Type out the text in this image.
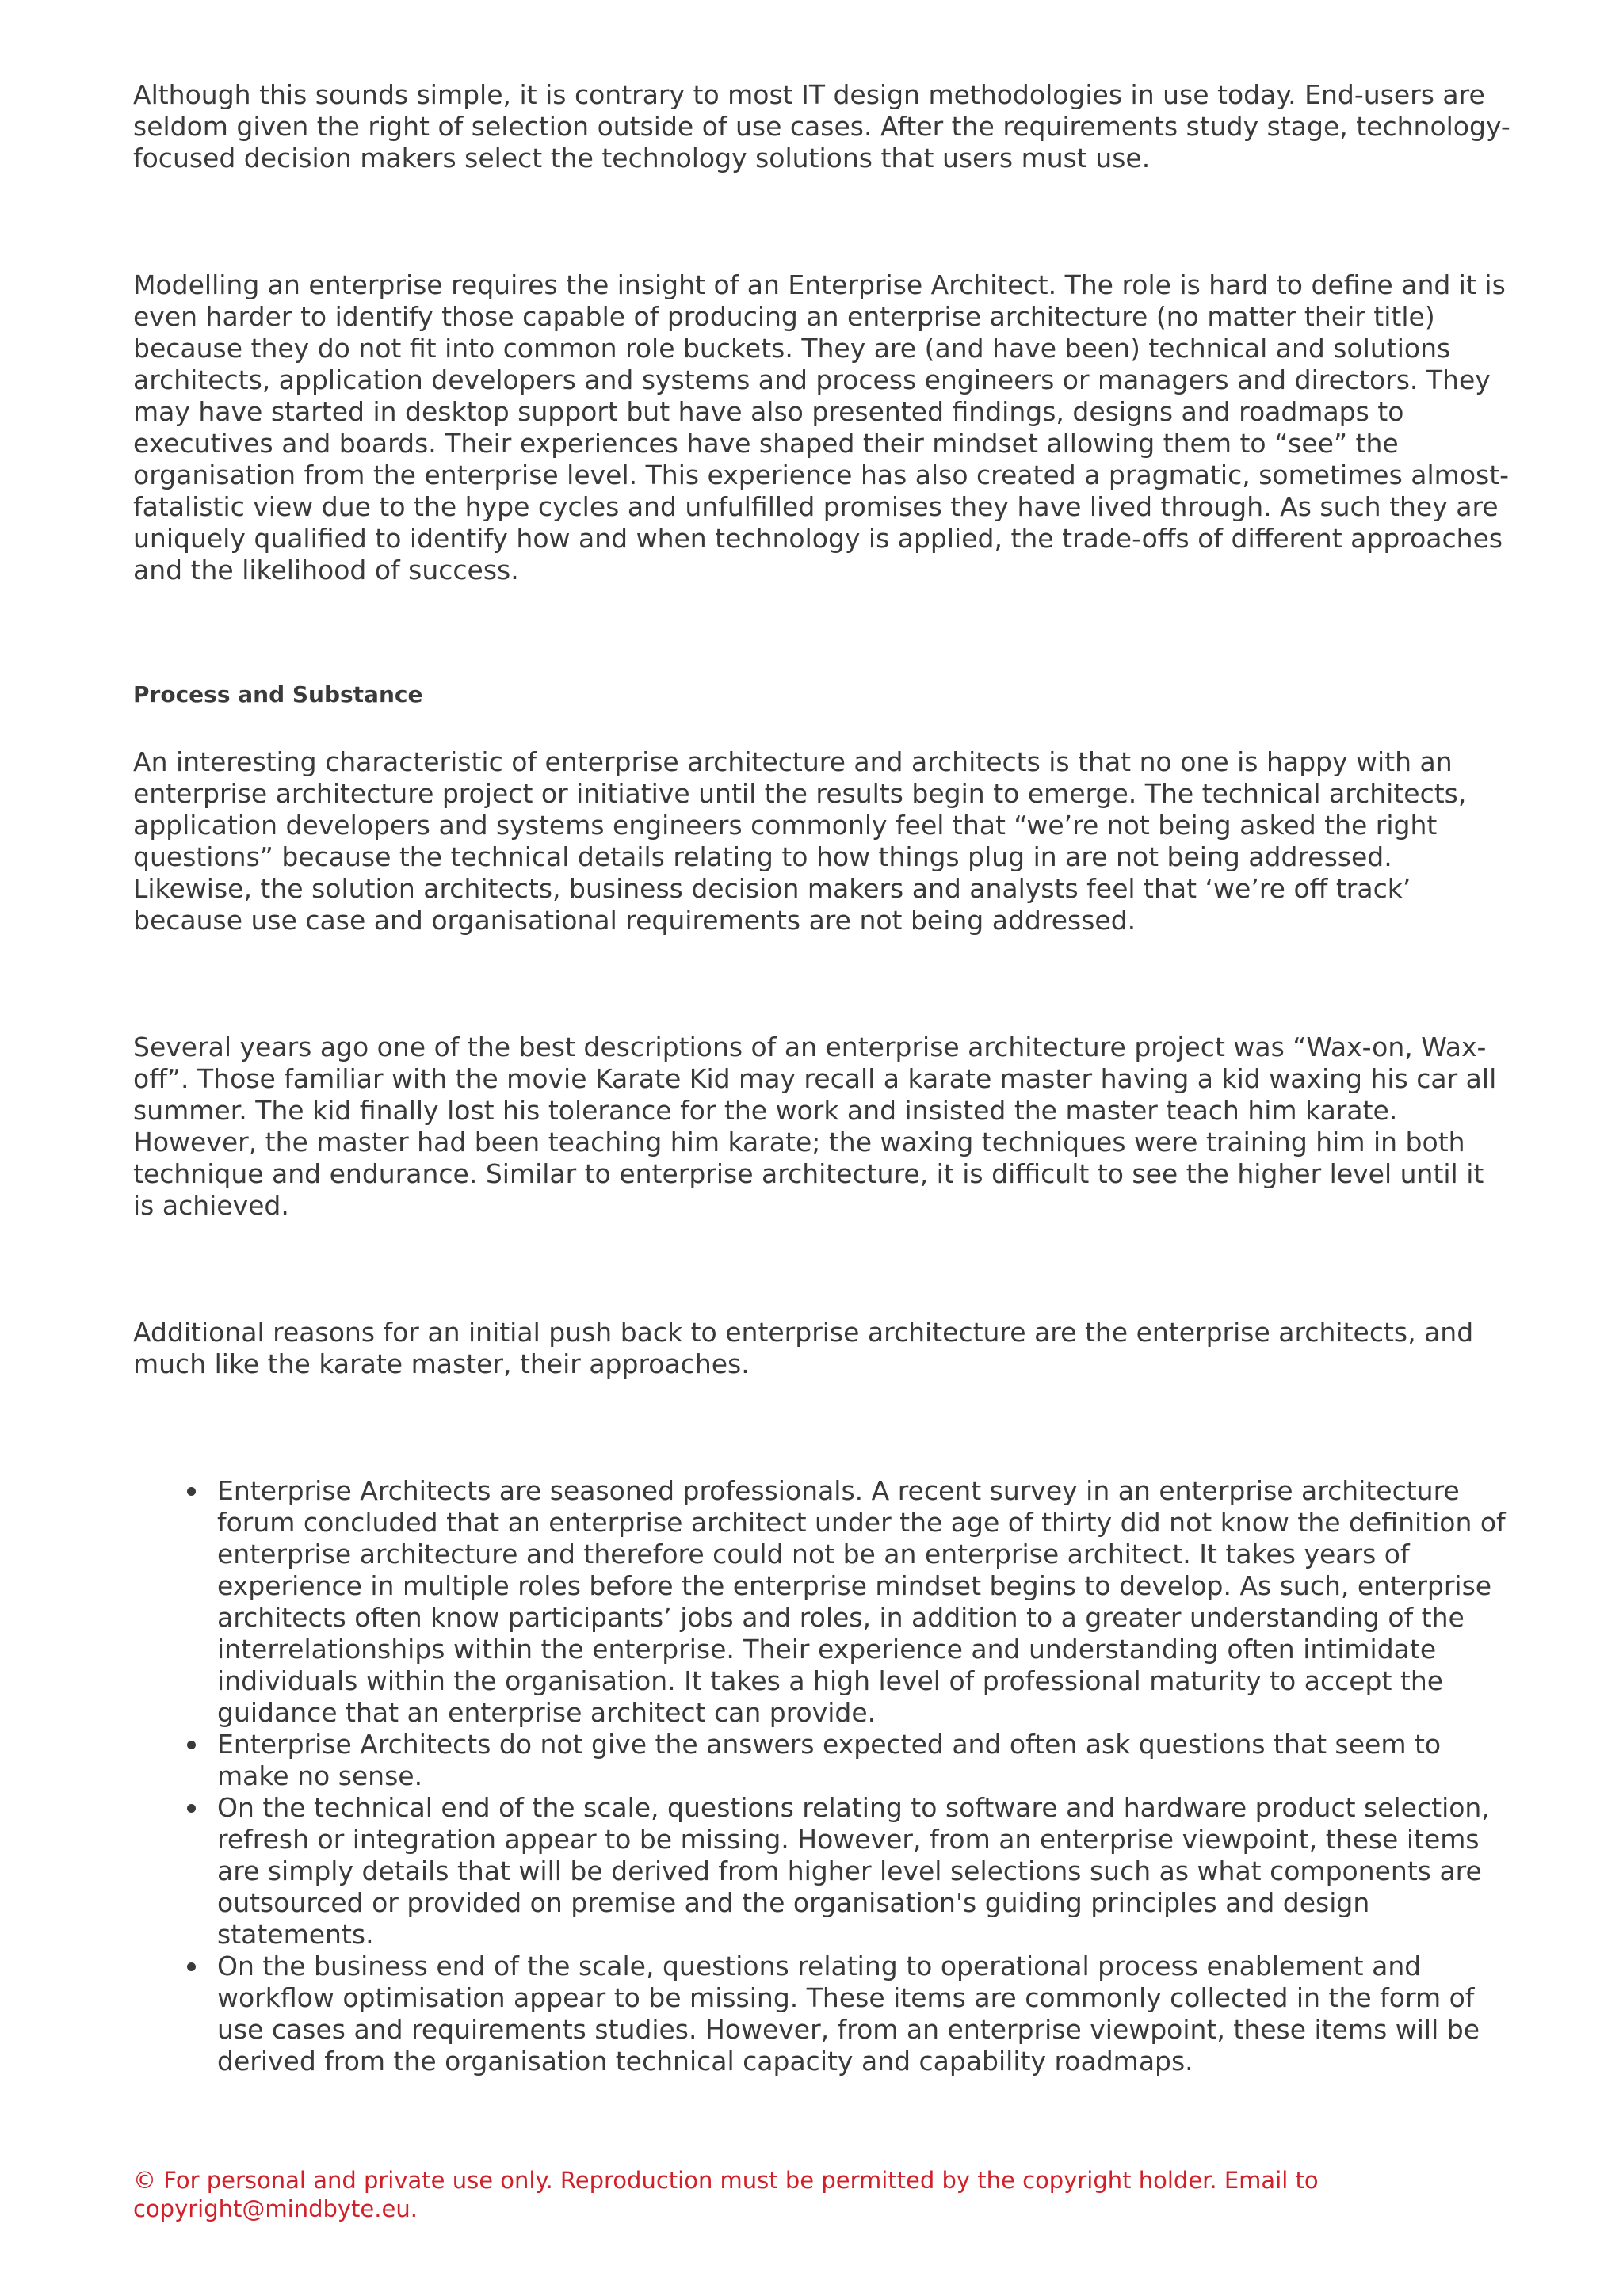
Although this sounds simple, it is contrary to most IT design methodologies in use today. End-users are seldom given the right of selection outside of use cases. After the requirements study stage, technology-focused decision makers select the technology solutions that users must use.

Modelling an enterprise requires the insight of an Enterprise Architect. The role is hard to define and it is even harder to identify those capable of producing an enterprise architecture (no matter their title) because they do not fit into common role buckets. They are (and have been) technical and solutions architects, application developers and systems and process engineers or managers and directors. They may have started in desktop support but have also presented findings, designs and roadmaps to executives and boards. Their experiences have shaped their mindset allowing them to “see” the organisation from the enterprise level. This experience has also created a pragmatic, sometimes almost-fatalistic view due to the hype cycles and unfulfilled promises they have lived through. As such they are uniquely qualified to identify how and when technology is applied, the trade-offs of different approaches and the likelihood of success.

Process and Substance

An interesting characteristic of enterprise architecture and architects is that no one is happy with an enterprise architecture project or initiative until the results begin to emerge. The technical architects, application developers and systems engineers commonly feel that “we’re not being asked the right questions” because the technical details relating to how things plug in are not being addressed. Likewise, the solution architects, business decision makers and analysts feel that ‘we’re off track’ because use case and organisational requirements are not being addressed.

Several years ago one of the best descriptions of an enterprise architecture project was “Wax-on, Wax-off”. Those familiar with the movie Karate Kid may recall a karate master having a kid waxing his car all summer. The kid finally lost his tolerance for the work and insisted the master teach him karate. However, the master had been teaching him karate; the waxing techniques were training him in both technique and endurance. Similar to enterprise architecture, it is difficult to see the higher level until it is achieved.

Additional reasons for an initial push back to enterprise architecture are the enterprise architects, and much like the karate master, their approaches.

Enterprise Architects are seasoned professionals. A recent survey in an enterprise architecture forum concluded that an enterprise architect under the age of thirty did not know the definition of enterprise architecture and therefore could not be an enterprise architect. It takes years of experience in multiple roles before the enterprise mindset begins to develop. As such, enterprise architects often know participants’ jobs and roles, in addition to a greater understanding of the interrelationships within the enterprise. Their experience and understanding often intimidate individuals within the organisation. It takes a high level of professional maturity to accept the guidance that an enterprise architect can provide.
Enterprise Architects do not give the answers expected and often ask questions that seem to make no sense.
On the technical end of the scale, questions relating to software and hardware product selection, refresh or integration appear to be missing. However, from an enterprise viewpoint, these items are simply details that will be derived from higher level selections such as what components are outsourced or provided on premise and the organisation's guiding principles and design statements.
On the business end of the scale, questions relating to operational process enablement and workflow optimisation appear to be missing. These items are commonly collected in the form of use cases and requirements studies. However, from an enterprise viewpoint, these items will be derived from the organisation technical capacity and capability roadmaps.
© For personal and private use only. Reproduction must be permitted by the copyright holder. Email to copyright@mindbyte.eu.
